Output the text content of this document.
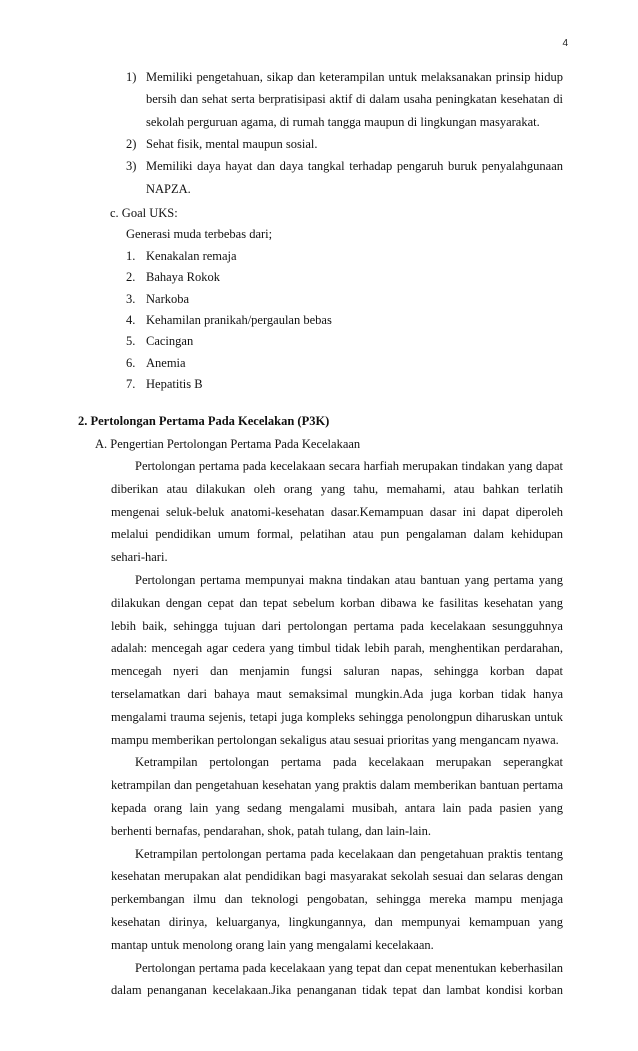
4
1) Memiliki pengetahuan, sikap dan keterampilan untuk melaksanakan prinsip hidup
bersih dan sehat serta berpratisipasi aktif di dalam usaha peningkatan kesehatan di
sekolah perguruan agama, di rumah tangga maupun di lingkungan masyarakat.
2) Sehat fisik, mental maupun sosial.
3) Memiliki daya hayat dan daya tangkal terhadap pengaruh buruk penyalahgunaan
NAPZA.
c. Goal UKS:
Generasi muda terbebas dari;
1. Kenakalan remaja
2. Bahaya Rokok
3. Narkoba
4. Kehamilan pranikah/pergaulan bebas
5. Cacingan
6. Anemia
7. Hepatitis B
2. Pertolongan Pertama Pada Kecelakan (P3K)
A. Pengertian Pertolongan Pertama Pada Kecelakaan
Pertolongan pertama pada kecelakaan secara harfiah merupakan tindakan yang dapat
diberikan atau dilakukan oleh orang yang tahu, memahami, atau bahkan terlatih
mengenai seluk-beluk anatomi-kesehatan dasar.Kemampuan dasar ini dapat diperoleh
melalui pendidikan umum formal, pelatihan atau pun pengalaman dalam kehidupan
sehari-hari.
Pertolongan pertama mempunyai makna tindakan atau bantuan yang pertama yang
dilakukan dengan cepat dan tepat sebelum korban dibawa ke fasilitas kesehatan yang
lebih baik, sehingga tujuan dari pertolongan pertama pada kecelakaan sesungguhnya
adalah: mencegah agar cedera yang timbul tidak lebih parah, menghentikan perdarahan,
mencegah nyeri dan menjamin fungsi saluran napas, sehingga korban dapat
terselamatkan dari bahaya maut semaksimal mungkin.Ada juga korban tidak hanya
mengalami trauma sejenis, tetapi juga kompleks sehingga penolongpun diharuskan untuk
mampu memberikan pertolongan sekaligus atau sesuai prioritas yang mengancam nyawa.
Ketrampilan pertolongan pertama pada kecelakaan merupakan seperangkat
ketrampilan dan pengetahuan kesehatan yang praktis dalam memberikan bantuan pertama
kepada orang lain yang sedang mengalami musibah, antara lain pada pasien yang
berhenti bernafas, pendarahan, shok, patah tulang, dan lain-lain.
Ketrampilan pertolongan pertama pada kecelakaan dan pengetahuan praktis tentang
kesehatan merupakan alat pendidikan bagi masyarakat sekolah sesuai dan selaras dengan
perkembangan ilmu dan teknologi pengobatan, sehingga mereka mampu menjaga
kesehatan dirinya, keluarganya, lingkungannya, dan mempunyai kemampuan yang
mantap untuk menolong orang lain yang mengalami kecelakaan.
Pertolongan pertama pada kecelakaan yang tepat dan cepat menentukan keberhasilan
dalam penanganan kecelakaan.Jika penanganan tidak tepat dan lambat kondisi korban
